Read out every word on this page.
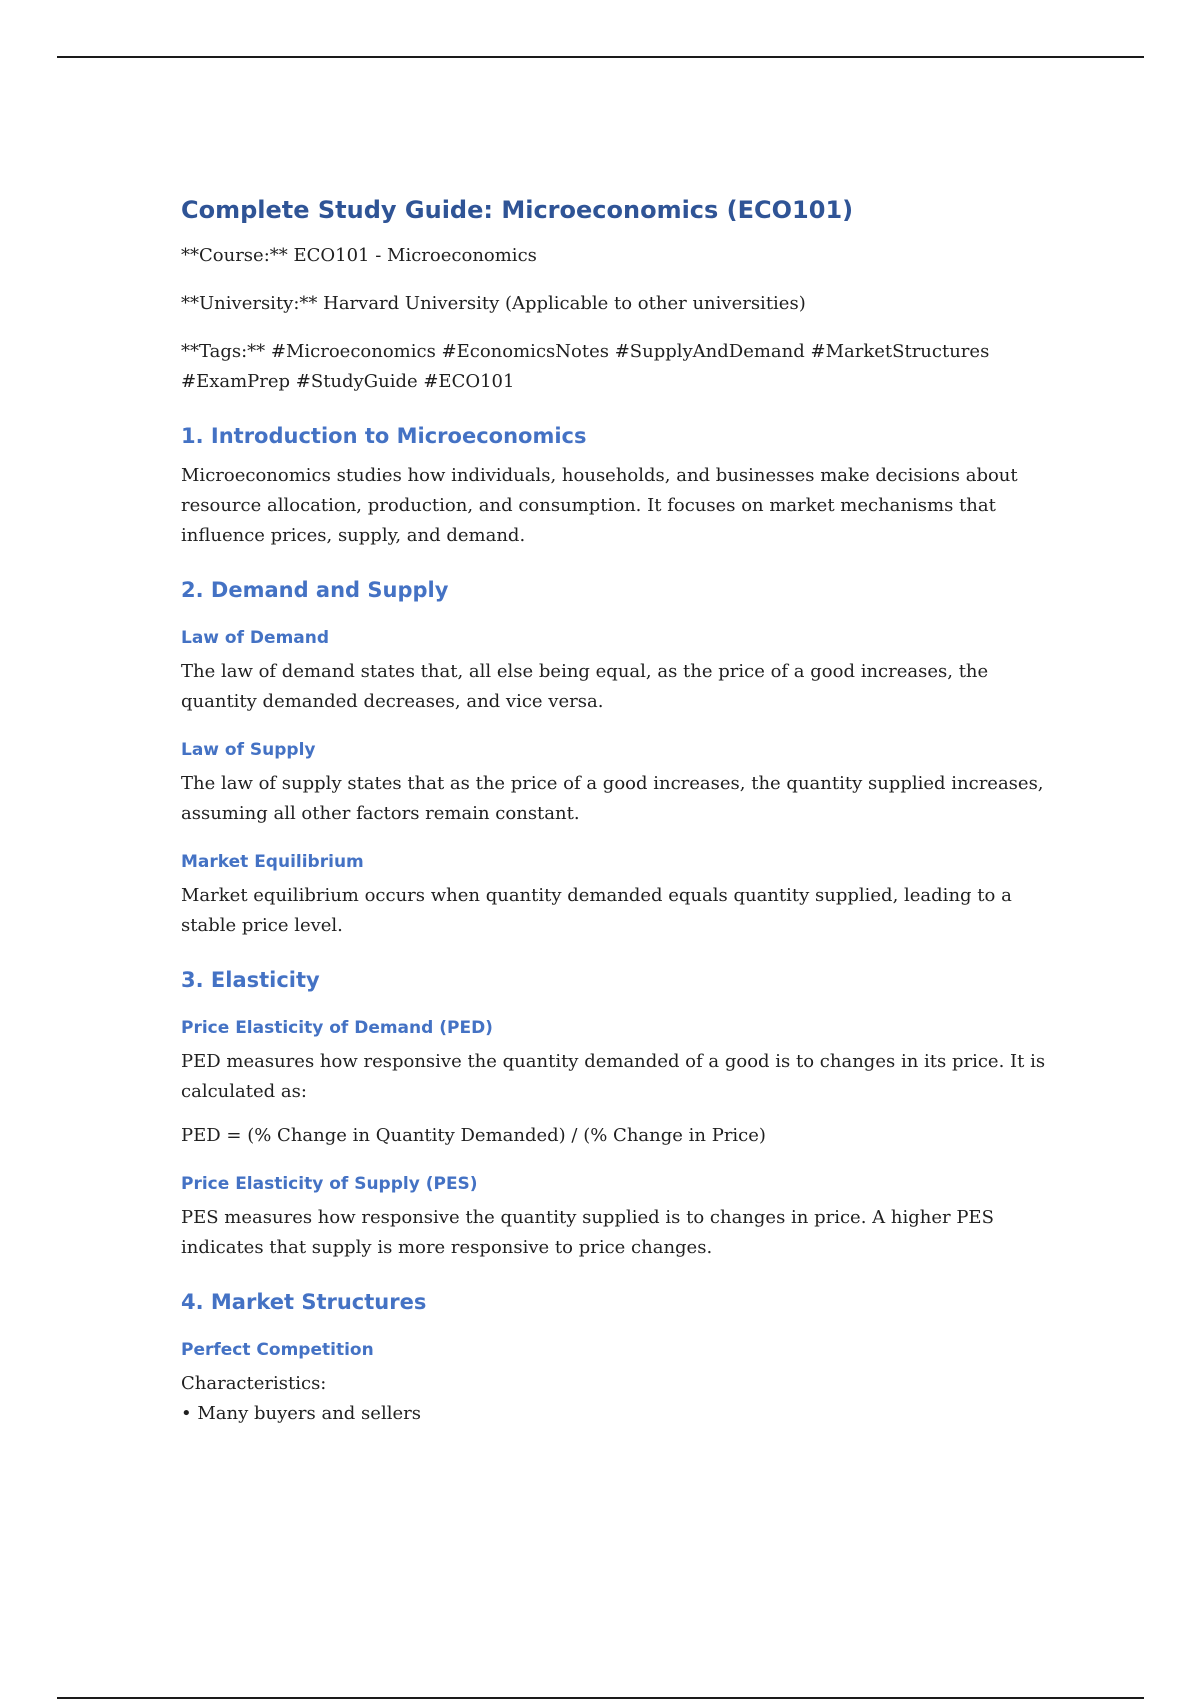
Complete Study Guide: Microeconomics (ECO101)

**Course:** ECO101 - Microeconomics

**University:** Harvard University (Applicable to other universities)

**Tags:** #Microeconomics #EconomicsNotes #SupplyAndDemand #MarketStructures #ExamPrep #StudyGuide #ECO101

1. Introduction to Microeconomics

Microeconomics studies how individuals, households, and businesses make decisions about resource allocation, production, and consumption. It focuses on market mechanisms that influence prices, supply, and demand.

2. Demand and Supply
Law of Demand

The law of demand states that, all else being equal, as the price of a good increases, the quantity demanded decreases, and vice versa.

Law of Supply

The law of supply states that as the price of a good increases, the quantity supplied increases, assuming all other factors remain constant.

Market Equilibrium

Market equilibrium occurs when quantity demanded equals quantity supplied, leading to a stable price level.

3. Elasticity
Price Elasticity of Demand (PED)

PED measures how responsive the quantity demanded of a good is to changes in its price. It is calculated as:

PED = (% Change in Quantity Demanded) / (% Change in Price)

Price Elasticity of Supply (PES)

PES measures how responsive the quantity supplied is to changes in price. A higher PES indicates that supply is more responsive to price changes.

4. Market Structures
Perfect Competition

Characteristics:

• Many buyers and sellers
